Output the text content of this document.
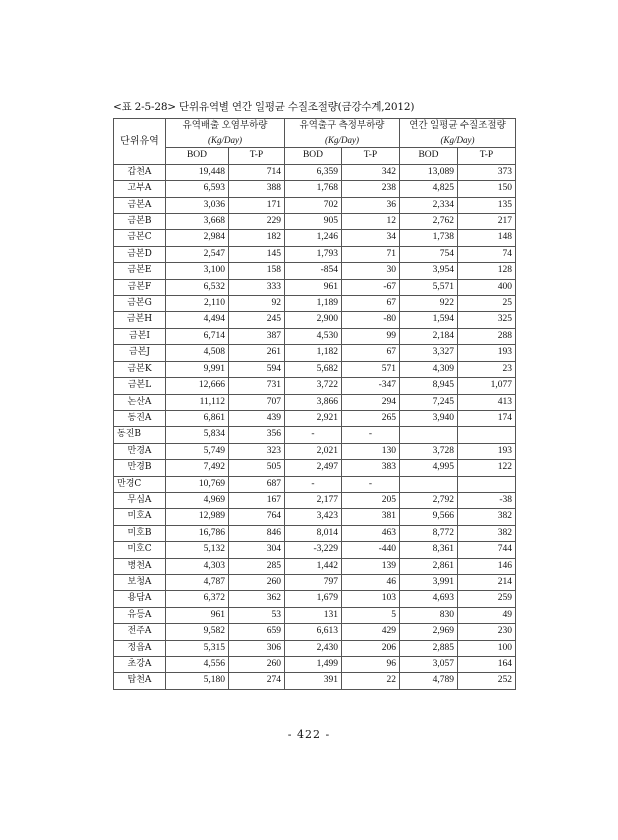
<표 2-5-28> 단위유역별 연간 일평균 수질조절량(금강수계,2012)
단위유역	유역배출 오염부하량
(Kg/Day)		유역출구 측정부하량
(Kg/Day)		연간 일평균 수질조절량
(Kg/Day)	

	BOD	T-P	BOD	T-P	BOD	T-P
갑천A	19,448	714	6,359	342	13,089	373
고부A	6,593	388	1,768	238	4,825	150
금본A	3,036	171	702	36	2,334	135
금본B	3,668	229	905	12	2,762	217
금본C	2,984	182	1,246	34	1,738	148
금본D	2,547	145	1,793	71	754	74
금본E	3,100	158	-854	30	3,954	128
금본F	6,532	333	961	-67	5,571	400
금본G	2,110	92	1,189	67	922	25
금본H	4,494	245	2,900	-80	1,594	325
금본I	6,714	387	4,530	99	2,184	288
금본J	4,508	261	1,182	67	3,327	193
금본K	9,991	594	5,682	571	4,309	23
금본L	12,666	731	3,722	-347	8,945	1,077
논산A	11,112	707	3,866	294	7,245	413
동진A	6,861	439	2,921	265	3,940	174
동진B	5,834	356	-	-		
만경A	5,749	323	2,021	130	3,728	193
만경B	7,492	505	2,497	383	4,995	122
만경C	10,769	687	-	-		
무심A	4,969	167	2,177	205	2,792	-38
미호A	12,989	764	3,423	381	9,566	382
미호B	16,786	846	8,014	463	8,772	382
미호C	5,132	304	-3,229	-440	8,361	744
병천A	4,303	285	1,442	139	2,861	146
보청A	4,787	260	797	46	3,991	214
용담A	6,372	362	1,679	103	4,693	259
유등A	961	53	131	5	830	49
전주A	9,582	659	6,613	429	2,969	230
정읍A	5,315	306	2,430	206	2,885	100
초강A	4,556	260	1,499	96	3,057	164
탑천A	5,180	274	391	22	4,789	252
- 422 -
